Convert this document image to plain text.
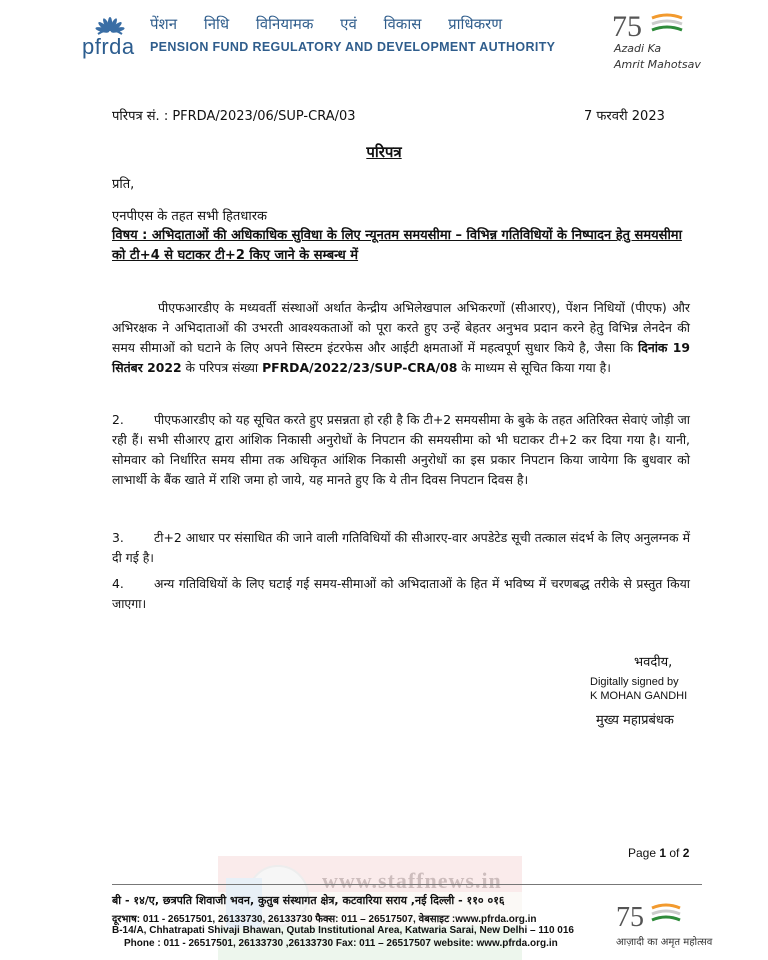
pfrda
पेंशन निधि विनियामक एवं विकास प्राधिकरण
PENSION FUND REGULATORY AND DEVELOPMENT AUTHORITY
75
Azadi Ka
Amrit Mahotsav
परिपत्र सं. : PFRDA/2023/06/SUP-CRA/03	7 फरवरी 2023
परिपत्र
प्रति,
एनपीएस के तहत सभी हितधारक
विषय : अभिदाताओं की अधिकाधिक सुविधा के लिए न्यूनतम समयसीमा – विभिन्न गतिविधियों के निष्पादन हेतु समयसीमा को टी+4 से घटाकर टी+2 किए जाने के सम्बन्ध में
पीएफआरडीए के मध्यवर्ती संस्थाओं अर्थात केन्द्रीय अभिलेखपाल अभिकरणों (सीआरए), पेंशन निधियों (पीएफ) और अभिरक्षक ने अभिदाताओं की उभरती आवश्यकताओं को पूरा करते हुए उन्हें बेहतर अनुभव प्रदान करने हेतु विभिन्न लेनदेन की समय सीमाओं को घटाने के लिए अपने सिस्टम इंटरफेस और आईटी क्षमताओं में महत्वपूर्ण सुधार किये है, जैसा कि दिनांक 19 सितंबर 2022 के परिपत्र संख्या PFRDA/2022/23/SUP-CRA/08 के माध्यम से सूचित किया गया है।
2. पीएफआरडीए को यह सूचित करते हुए प्रसन्नता हो रही है कि टी+2 समयसीमा के बुके के तहत अतिरिक्त सेवाएं जोड़ी जा रही हैं। सभी सीआरए द्वारा आंशिक निकासी अनुरोधों के निपटान की समयसीमा को भी घटाकर टी+2 कर दिया गया है। यानी, सोमवार को निर्धारित समय सीमा तक अधिकृत आंशिक निकासी अनुरोधों का इस प्रकार निपटान किया जायेगा कि बुधवार को लाभार्थी के बैंक खाते में राशि जमा हो जाये, यह मानते हुए कि ये तीन दिवस निपटान दिवस है।
3. टी+2 आधार पर संसाधित की जाने वाली गतिविधियों की सीआरए-वार अपडेटेड सूची तत्काल संदर्भ के लिए अनुलग्नक में दी गई है।
4. अन्य गतिविधियों के लिए घटाई गई समय-सीमाओं को अभिदाताओं के हित में भविष्य में चरणबद्ध तरीके से प्रस्तुत किया जाएगा।
भवदीय,
Digitally signed by
K MOHAN GANDHI
मुख्य महाप्रबंधक
Page 1 of 2
www.staffnews.in
बी - १४/ए, छत्रपति शिवाजी भवन, कुतुब संस्थागत क्षेत्र, कटवारिया सराय ,नई दिल्ली - ११० ०१६
दूरभाष: 011 - 26517501, 26133730, 26133730 फैक्स: 011 – 26517507, वेबसाइट :www.pfrda.org.in
B-14/A, Chhatrapati Shivaji Bhawan, Qutab Institutional Area, Katwaria Sarai, New Delhi – 110 016
Phone : 011 - 26517501, 26133730 ,26133730 Fax: 011 – 26517507 website: www.pfrda.org.in
75
आज़ादी का अमृत महोत्सव
